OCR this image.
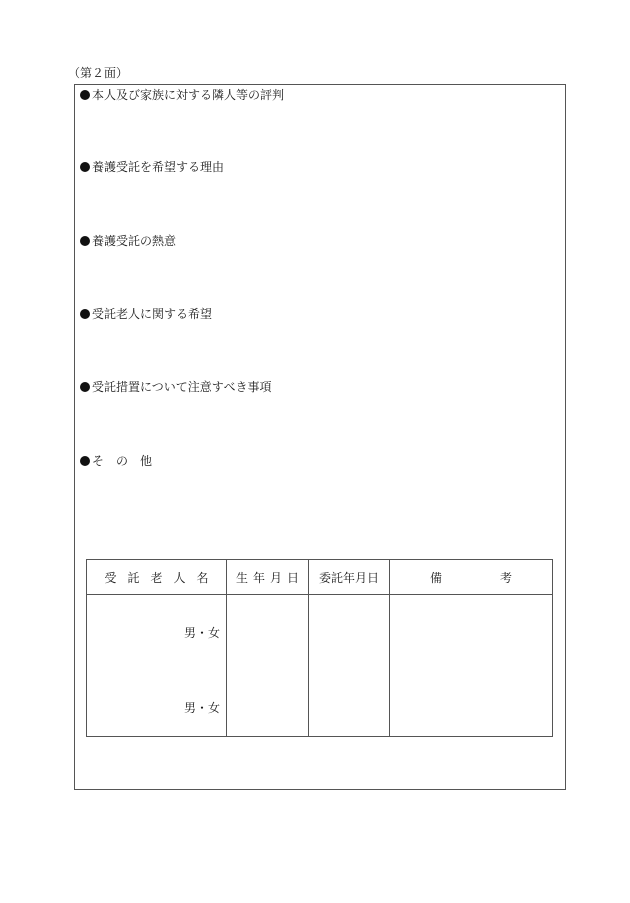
（第２面）
本人及び家族に対する隣人等の評判
養護受託を希望する理由
養護受託の熱意
受託老人に関する希望
受託措置について注意すべき事項
そ　の　他
受託老人名	生年月日	委託年月日	備 考

男・女
男・女			
